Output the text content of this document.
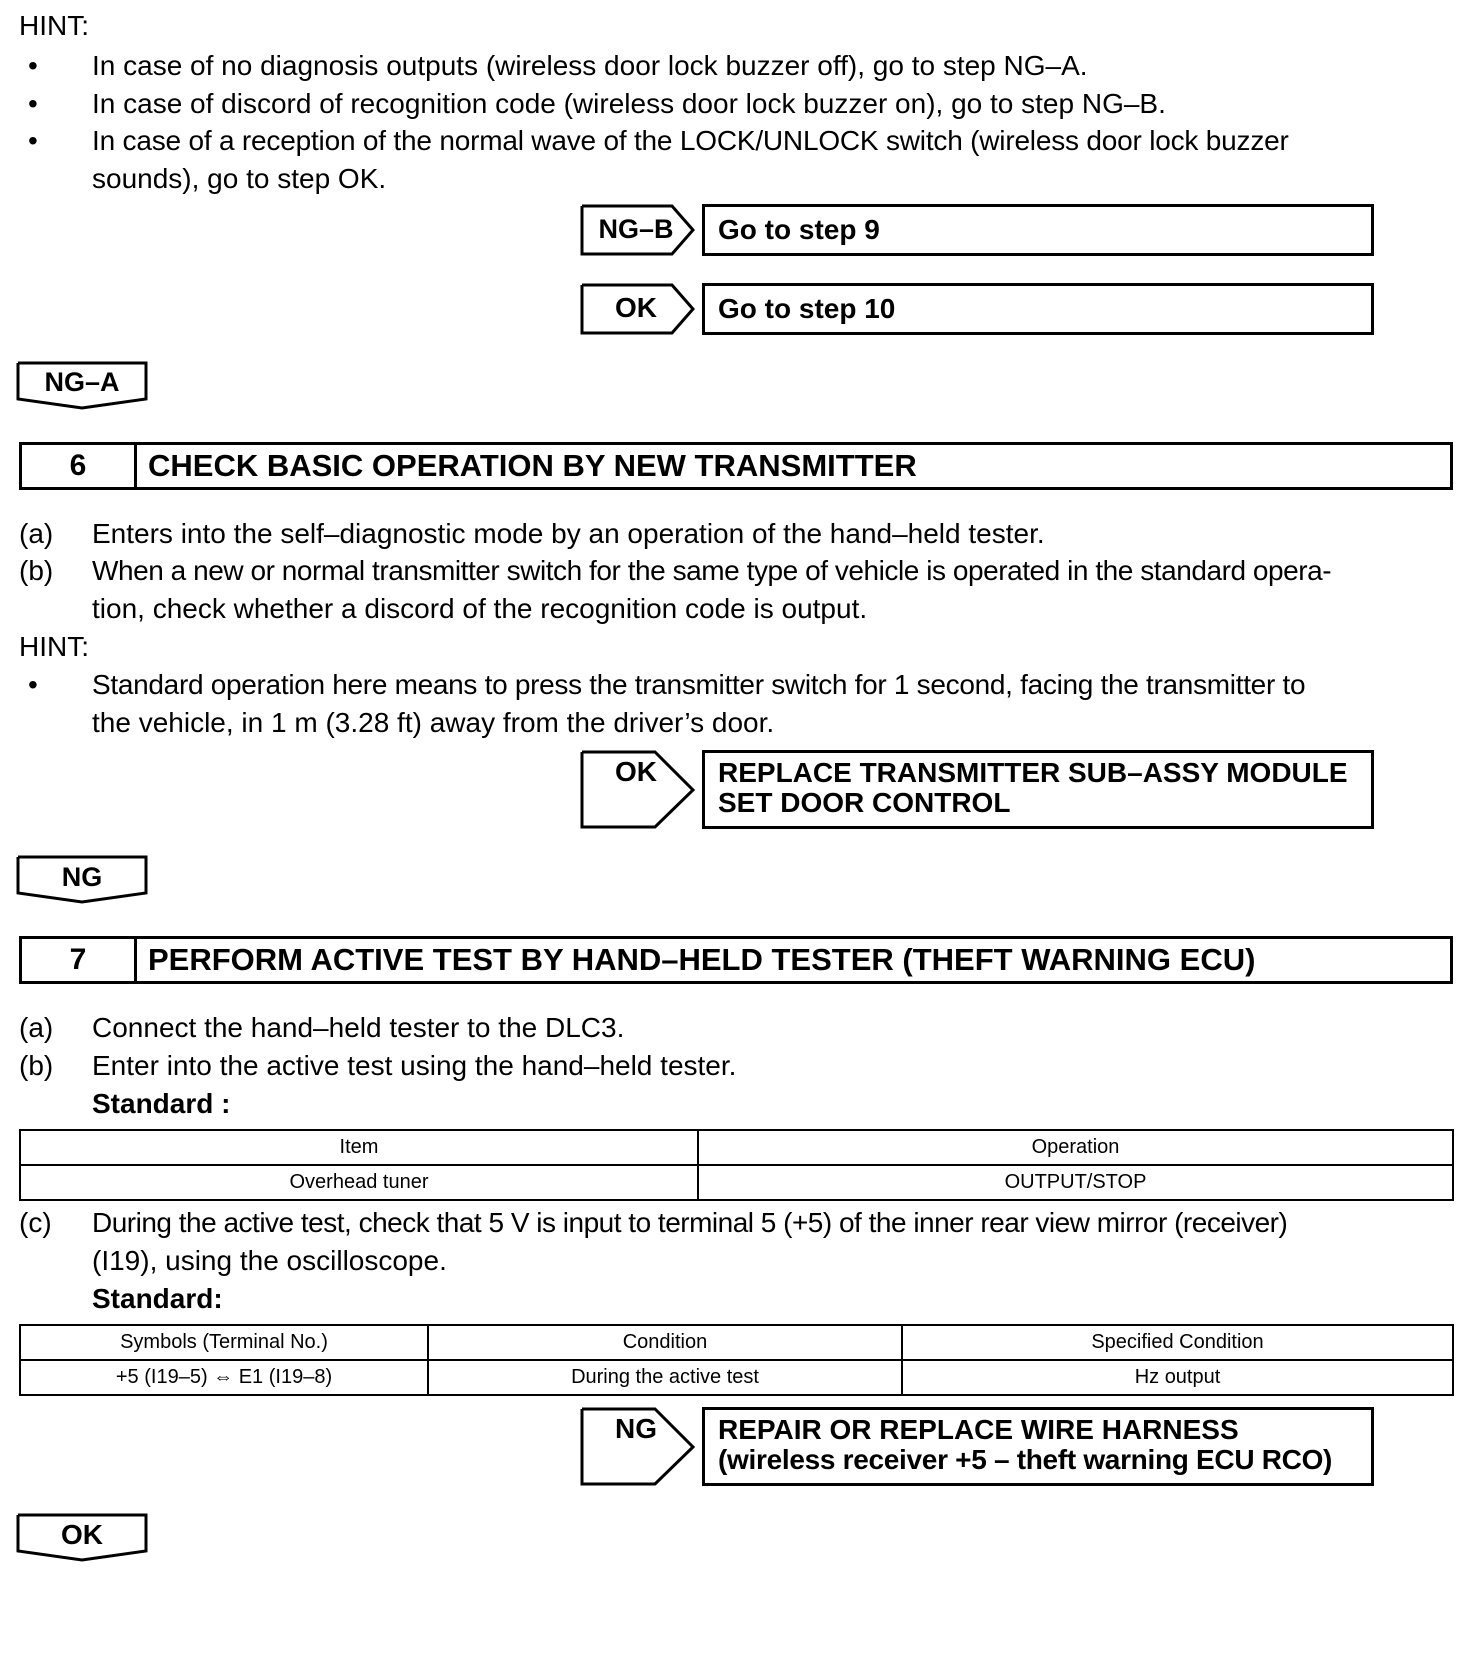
HINT:
• In case of no diagnosis outputs (wireless door lock buzzer off), go to step NG–A.
• In case of discord of recognition code (wireless door lock buzzer on), go to step NG–B.
• In case of a reception of the normal wave of the LOCK/UNLOCK switch (wireless door lock buzzer
sounds), go to step OK.
NG–B	Go to step 9
OK	Go to step 10
NG–A
6	CHECK BASIC OPERATION BY NEW TRANSMITTER
(a) Enters into the self–diagnostic mode by an operation of the hand–held tester.
(b) When a new or normal transmitter switch for the same type of vehicle is operated in the standard opera-
tion, check whether a discord of the recognition code is output.
HINT:
• Standard operation here means to press the transmitter switch for 1 second, facing the transmitter to
the vehicle, in 1 m (3.28 ft) away from the driver’s door.
OK	REPLACE TRANSMITTER SUB–ASSY MODULE
SET DOOR CONTROL
NG
7	PERFORM ACTIVE TEST BY HAND–HELD TESTER (THEFT WARNING ECU)
(a) Connect the hand–held tester to the DLC3.
(b) Enter into the active test using the hand–held tester.
Standard :
Item	Operation
Overhead tuner	OUTPUT/STOP
(c) During the active test, check that 5 V is input to terminal 5 (+5) of the inner rear view mirror (receiver)
(I19), using the oscilloscope.
Standard:
Symbols (Terminal No.)	Condition	Specified Condition
+5 (I19–5) ⇔ E1 (I19–8)	During the active test	Hz output
NG	REPAIR OR REPLACE WIRE HARNESS
(wireless receiver +5 – theft warning ECU RCO)
OK
